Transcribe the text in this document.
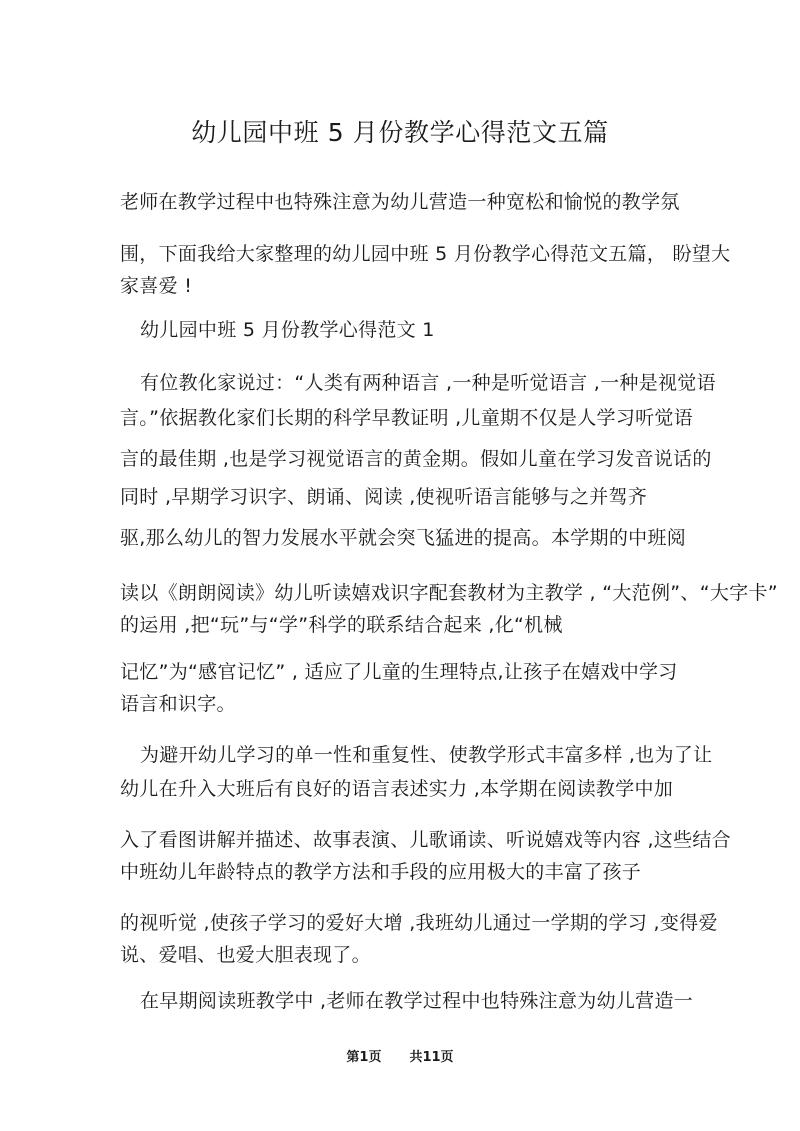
幼儿园中班 5 月份教学心得范文五篇
老师在教学过程中也特殊注意为幼儿营造一种宽松和愉悦的教学氛
围，下面我给大家整理的幼儿园中班 5 月份教学心得范文五篇， 盼望大
家喜爱 !
幼儿园中班 5 月份教学心得范文 1
有位教化家说过：“人类有两种语言 ,一种是听觉语言 ,一种是视觉语
言。”依据教化家们长期的科学早教证明 ,儿童期不仅是人学习听觉语
言的最佳期 ,也是学习视觉语言的黄金期。假如儿童在学习发音说话的
同时 ,早期学习识字、朗诵、阅读 ,使视听语言能够与之并驾齐
驱,那么幼儿的智力发展水平就会突飞猛进的提高。本学期的中班阅
读以《朗朗阅读》幼儿听读嬉戏识字配套教材为主教学 , “大范例”、“大字卡”
的运用 ,把“玩”与“学”科学的联系结合起来 ,化“机械
记忆”为“感官记忆” , 适应了儿童的生理特点,让孩子在嬉戏中学习
语言和识字。
为避开幼儿学习的单一性和重复性、使教学形式丰富多样 ,也为了让
幼儿在升入大班后有良好的语言表述实力 ,本学期在阅读教学中加
入了看图讲解并描述、故事表演、儿歌诵读、听说嬉戏等内容 ,这些结合
中班幼儿年龄特点的教学方法和手段的应用极大的丰富了孩子
的视听觉 ,使孩子学习的爱好大增 ,我班幼儿通过一学期的学习 ,变得爱
说、爱唱、也爱大胆表现了。
在早期阅读班教学中 ,老师在教学过程中也特殊注意为幼儿营造一
第1页 共11页
